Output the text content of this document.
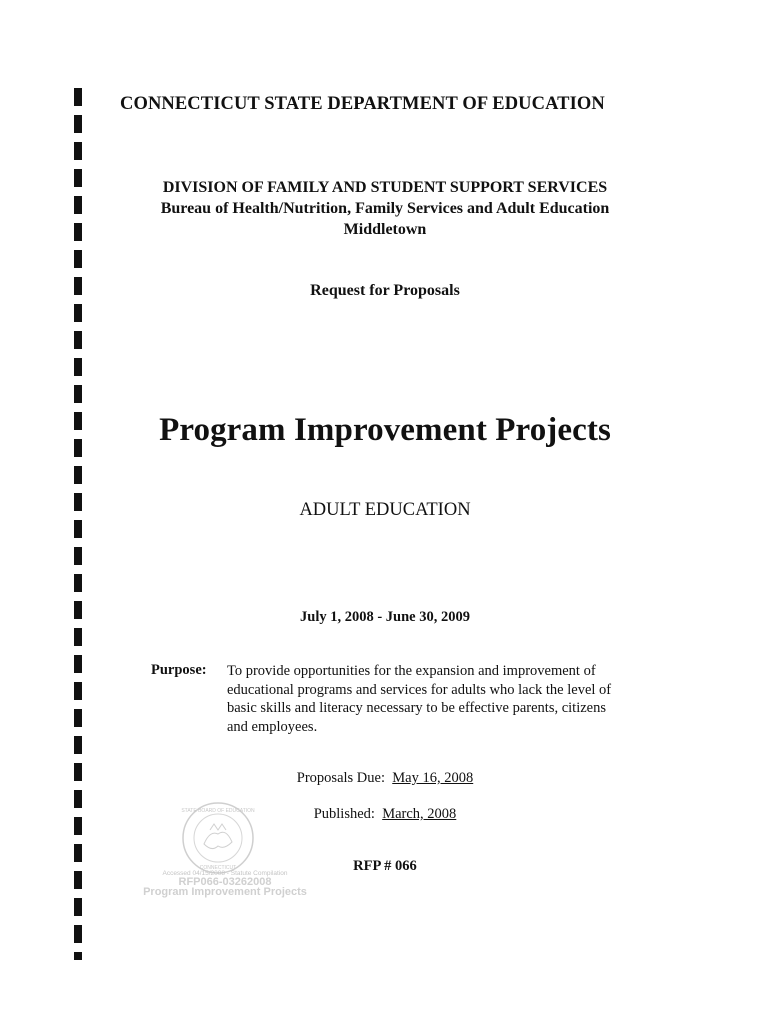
CONNECTICUT STATE DEPARTMENT OF EDUCATION
DIVISION OF FAMILY AND STUDENT SUPPORT SERVICES
Bureau of Health/Nutrition, Family Services and Adult Education
Middletown
Request for Proposals
Program Improvement Projects
ADULT EDUCATION
July 1, 2008 - June 30, 2009
Purpose: To provide opportunities for the expansion and improvement of
educational programs and services for adults who lack the level of
basic skills and literacy necessary to be effective parents, citizens
and employees.
Proposals Due: May 16, 2008
Published: March, 2008
RFP # 066
STATE BOARD OF EDUCATION
CONNECTICUT
Accessed 04/15/2008 - Statute Compilation
RFP066-03262008
Program Improvement Projects
